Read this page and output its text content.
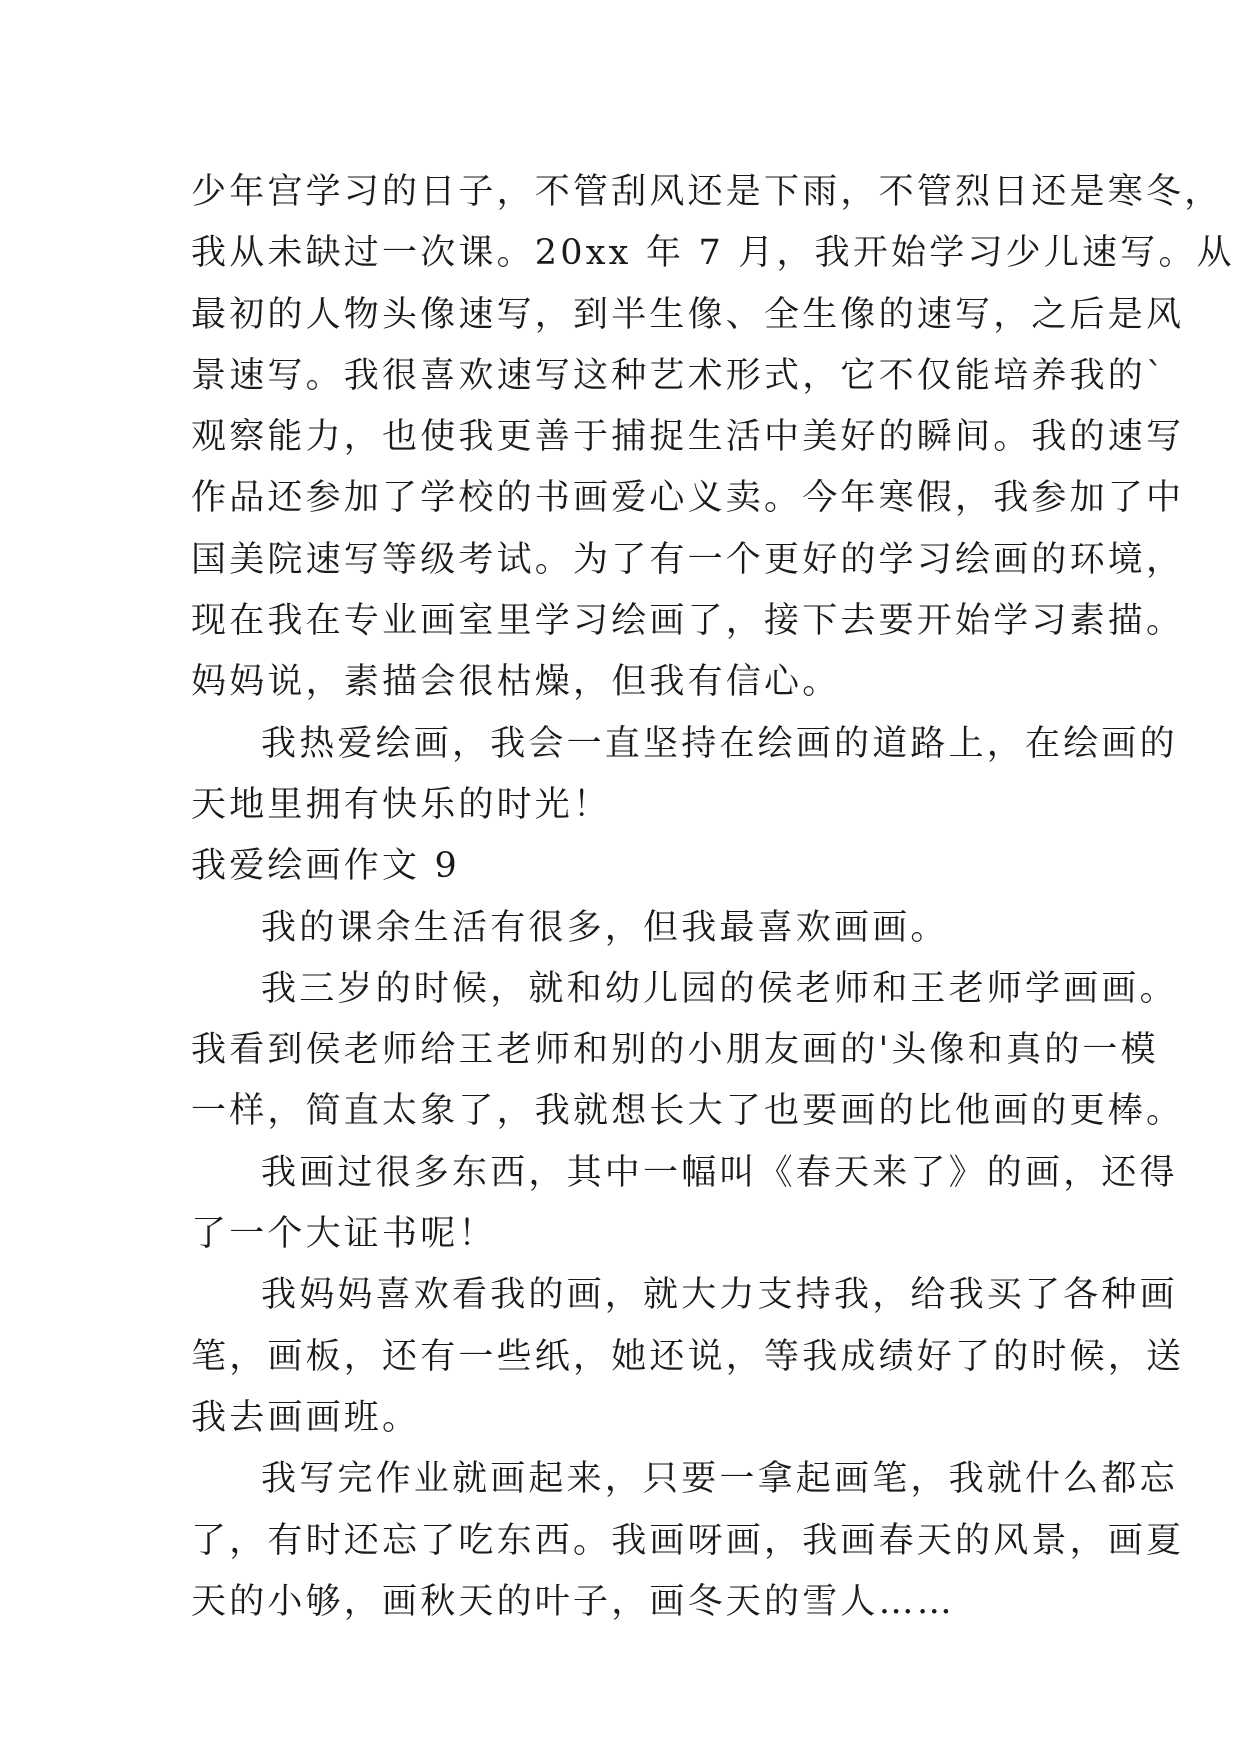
少年宫学习的日子，不管刮风还是下雨，不管烈日还是寒冬，
我从未缺过一次课。20xx 年 7 月，我开始学习少儿速写。从
最初的人物头像速写，到半生像、全生像的速写，之后是风
景速写。我很喜欢速写这种艺术形式，它不仅能培养我的`
观察能力，也使我更善于捕捉生活中美好的瞬间。我的速写
作品还参加了学校的书画爱心义卖。今年寒假，我参加了中
国美院速写等级考试。为了有一个更好的学习绘画的环境，
现在我在专业画室里学习绘画了，接下去要开始学习素描。
妈妈说，素描会很枯燥，但我有信心。
我热爱绘画，我会一直坚持在绘画的道路上，在绘画的
天地里拥有快乐的时光！
我爱绘画作文 9
我的课余生活有很多，但我最喜欢画画。
我三岁的时候，就和幼儿园的侯老师和王老师学画画。
我看到侯老师给王老师和别的小朋友画的'头像和真的一模
一样，简直太象了，我就想长大了也要画的比他画的更棒。
我画过很多东西，其中一幅叫《春天来了》的画，还得
了一个大证书呢！
我妈妈喜欢看我的画，就大力支持我，给我买了各种画
笔，画板，还有一些纸，她还说，等我成绩好了的时候，送
我去画画班。
我写完作业就画起来，只要一拿起画笔，我就什么都忘
了，有时还忘了吃东西。我画呀画，我画春天的风景，画夏
天的小够，画秋天的叶子，画冬天的雪人……
